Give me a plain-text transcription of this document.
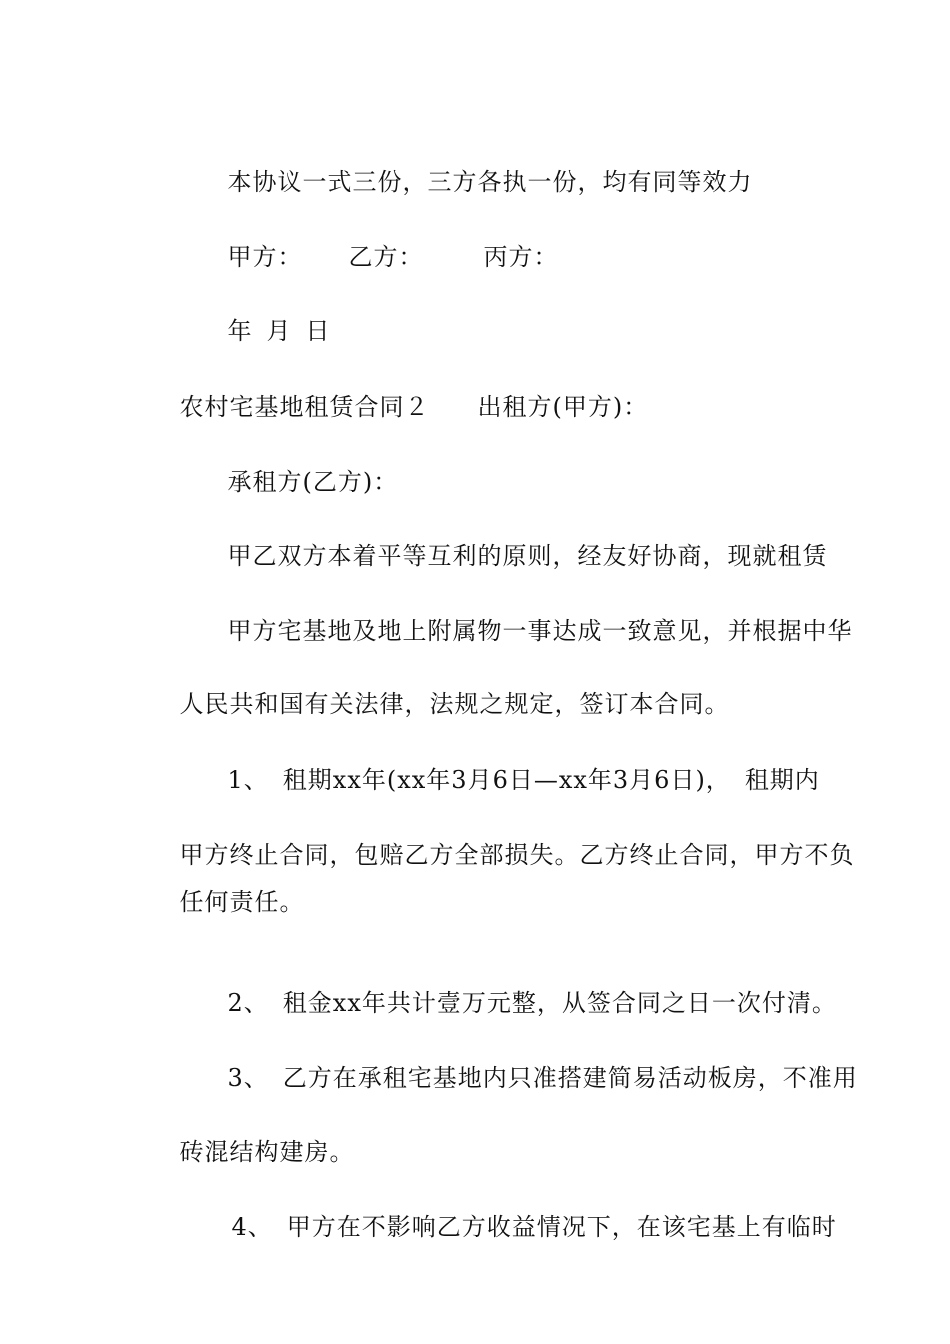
本协议一式三份，三方各执一份，均有同等效力

甲方： 乙方：	丙方：

年 月 日

农村宅基地租赁合同２ 出租方(甲方)：

承租方(乙方)：

甲乙双方本着平等互利的原则，经友好协商，现就租赁

甲方宅基地及地上附属物一事达成一致意见，并根据中华

人民共和国有关法律，法规之规定，签订本合同。

1、 租期xx年(xx年3月6日—xx年3月6日)， 租期内

甲方终止合同，包赔乙方全部损失。乙方终止合同，甲方不负

任何责任。

2、 租金xx年共计壹万元整，从签合同之日一次付清。

3、 乙方在承租宅基地内只准搭建简易活动板房，不准用

砖混结构建房。

4、 甲方在不影响乙方收益情况下，在该宅基上有临时
